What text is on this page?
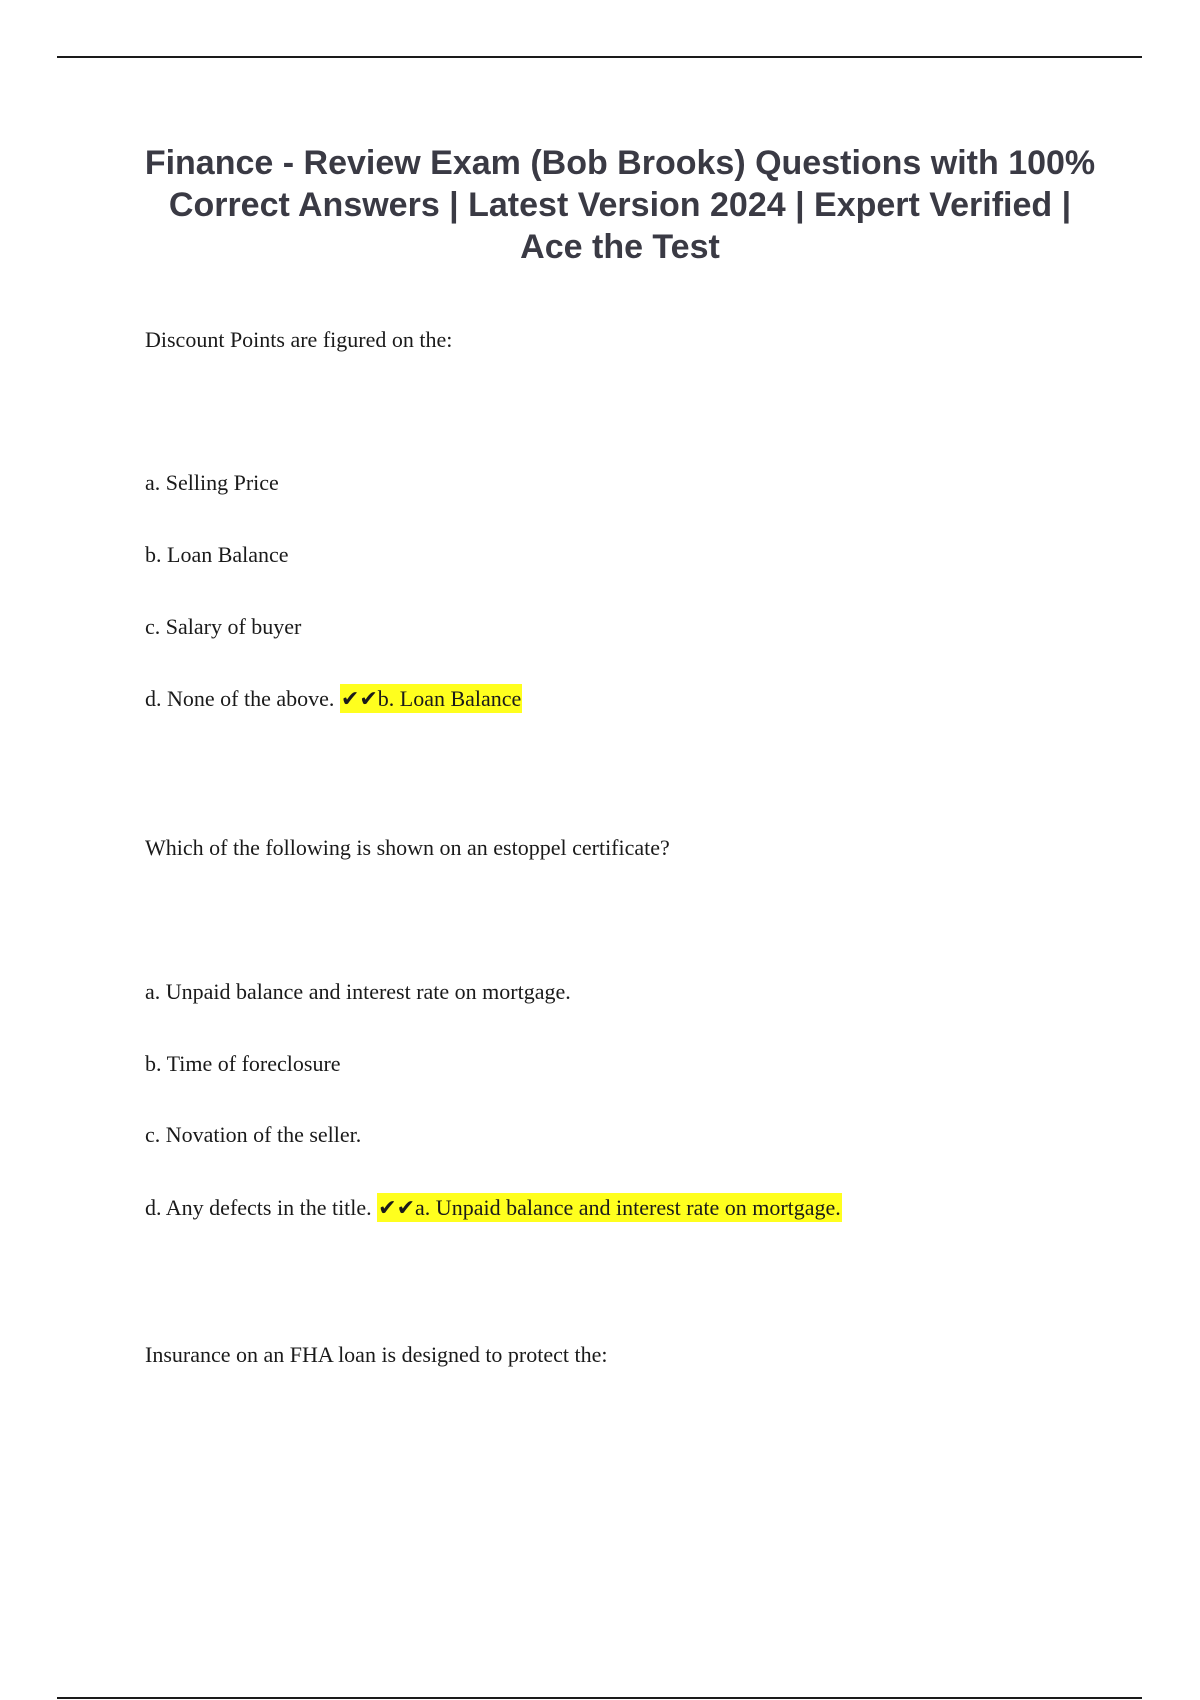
Finance - Review Exam (Bob Brooks) Questions with 100% Correct Answers | Latest Version 2024 | Expert Verified | Ace the Test

Discount Points are figured on the:

a. Selling Price

b. Loan Balance

c. Salary of buyer

d. None of the above. ✔✔b. Loan Balance

Which of the following is shown on an estoppel certificate?

a. Unpaid balance and interest rate on mortgage.

b. Time of foreclosure

c. Novation of the seller.

d. Any defects in the title. ✔✔a. Unpaid balance and interest rate on mortgage.

Insurance on an FHA loan is designed to protect the:
